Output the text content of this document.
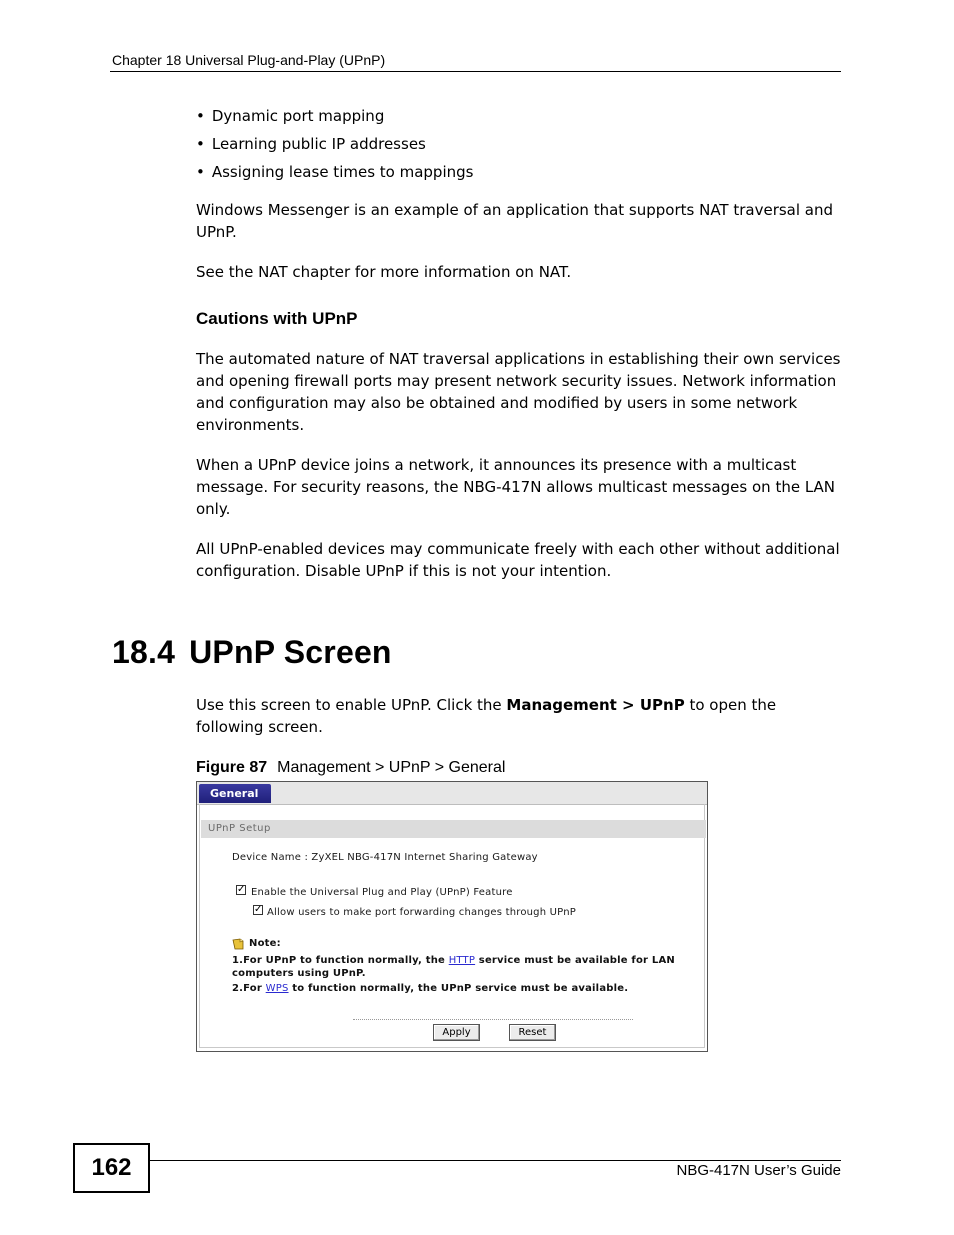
Chapter 18 Universal Plug-and-Play (UPnP)
• Dynamic port mapping
• Learning public IP addresses
• Assigning lease times to mappings

Windows Messenger is an example of an application that supports NAT traversal and UPnP.

See the NAT chapter for more information on NAT.

Cautions with UPnP

The automated nature of NAT traversal applications in establishing their own services and opening firewall ports may present network security issues. Network information and configuration may also be obtained and modified by users in some network environments.

When a UPnP device joins a network, it announces its presence with a multicast message. For security reasons, the NBG-417N allows multicast messages on the LAN only.

All UPnP-enabled devices may communicate freely with each other without additional configuration. Disable UPnP if this is not your intention.

18.4 UPnP Screen

Use this screen to enable UPnP. Click the Management > UPnP to open the following screen.

Figure 87 Management > UPnP > General
General
UPnP Setup
Device Name : ZyXEL NBG-417N Internet Sharing Gateway
✓
Enable the Universal Plug and Play (UPnP) Feature
✓
Allow users to make port forwarding changes through UPnP
Note:
1.For UPnP to function normally, the HTTP service must be available for LAN
computers using UPnP.
2.For WPS to function normally, the UPnP service must be available.
Apply	Reset
162	NBG-417N User’s Guide
